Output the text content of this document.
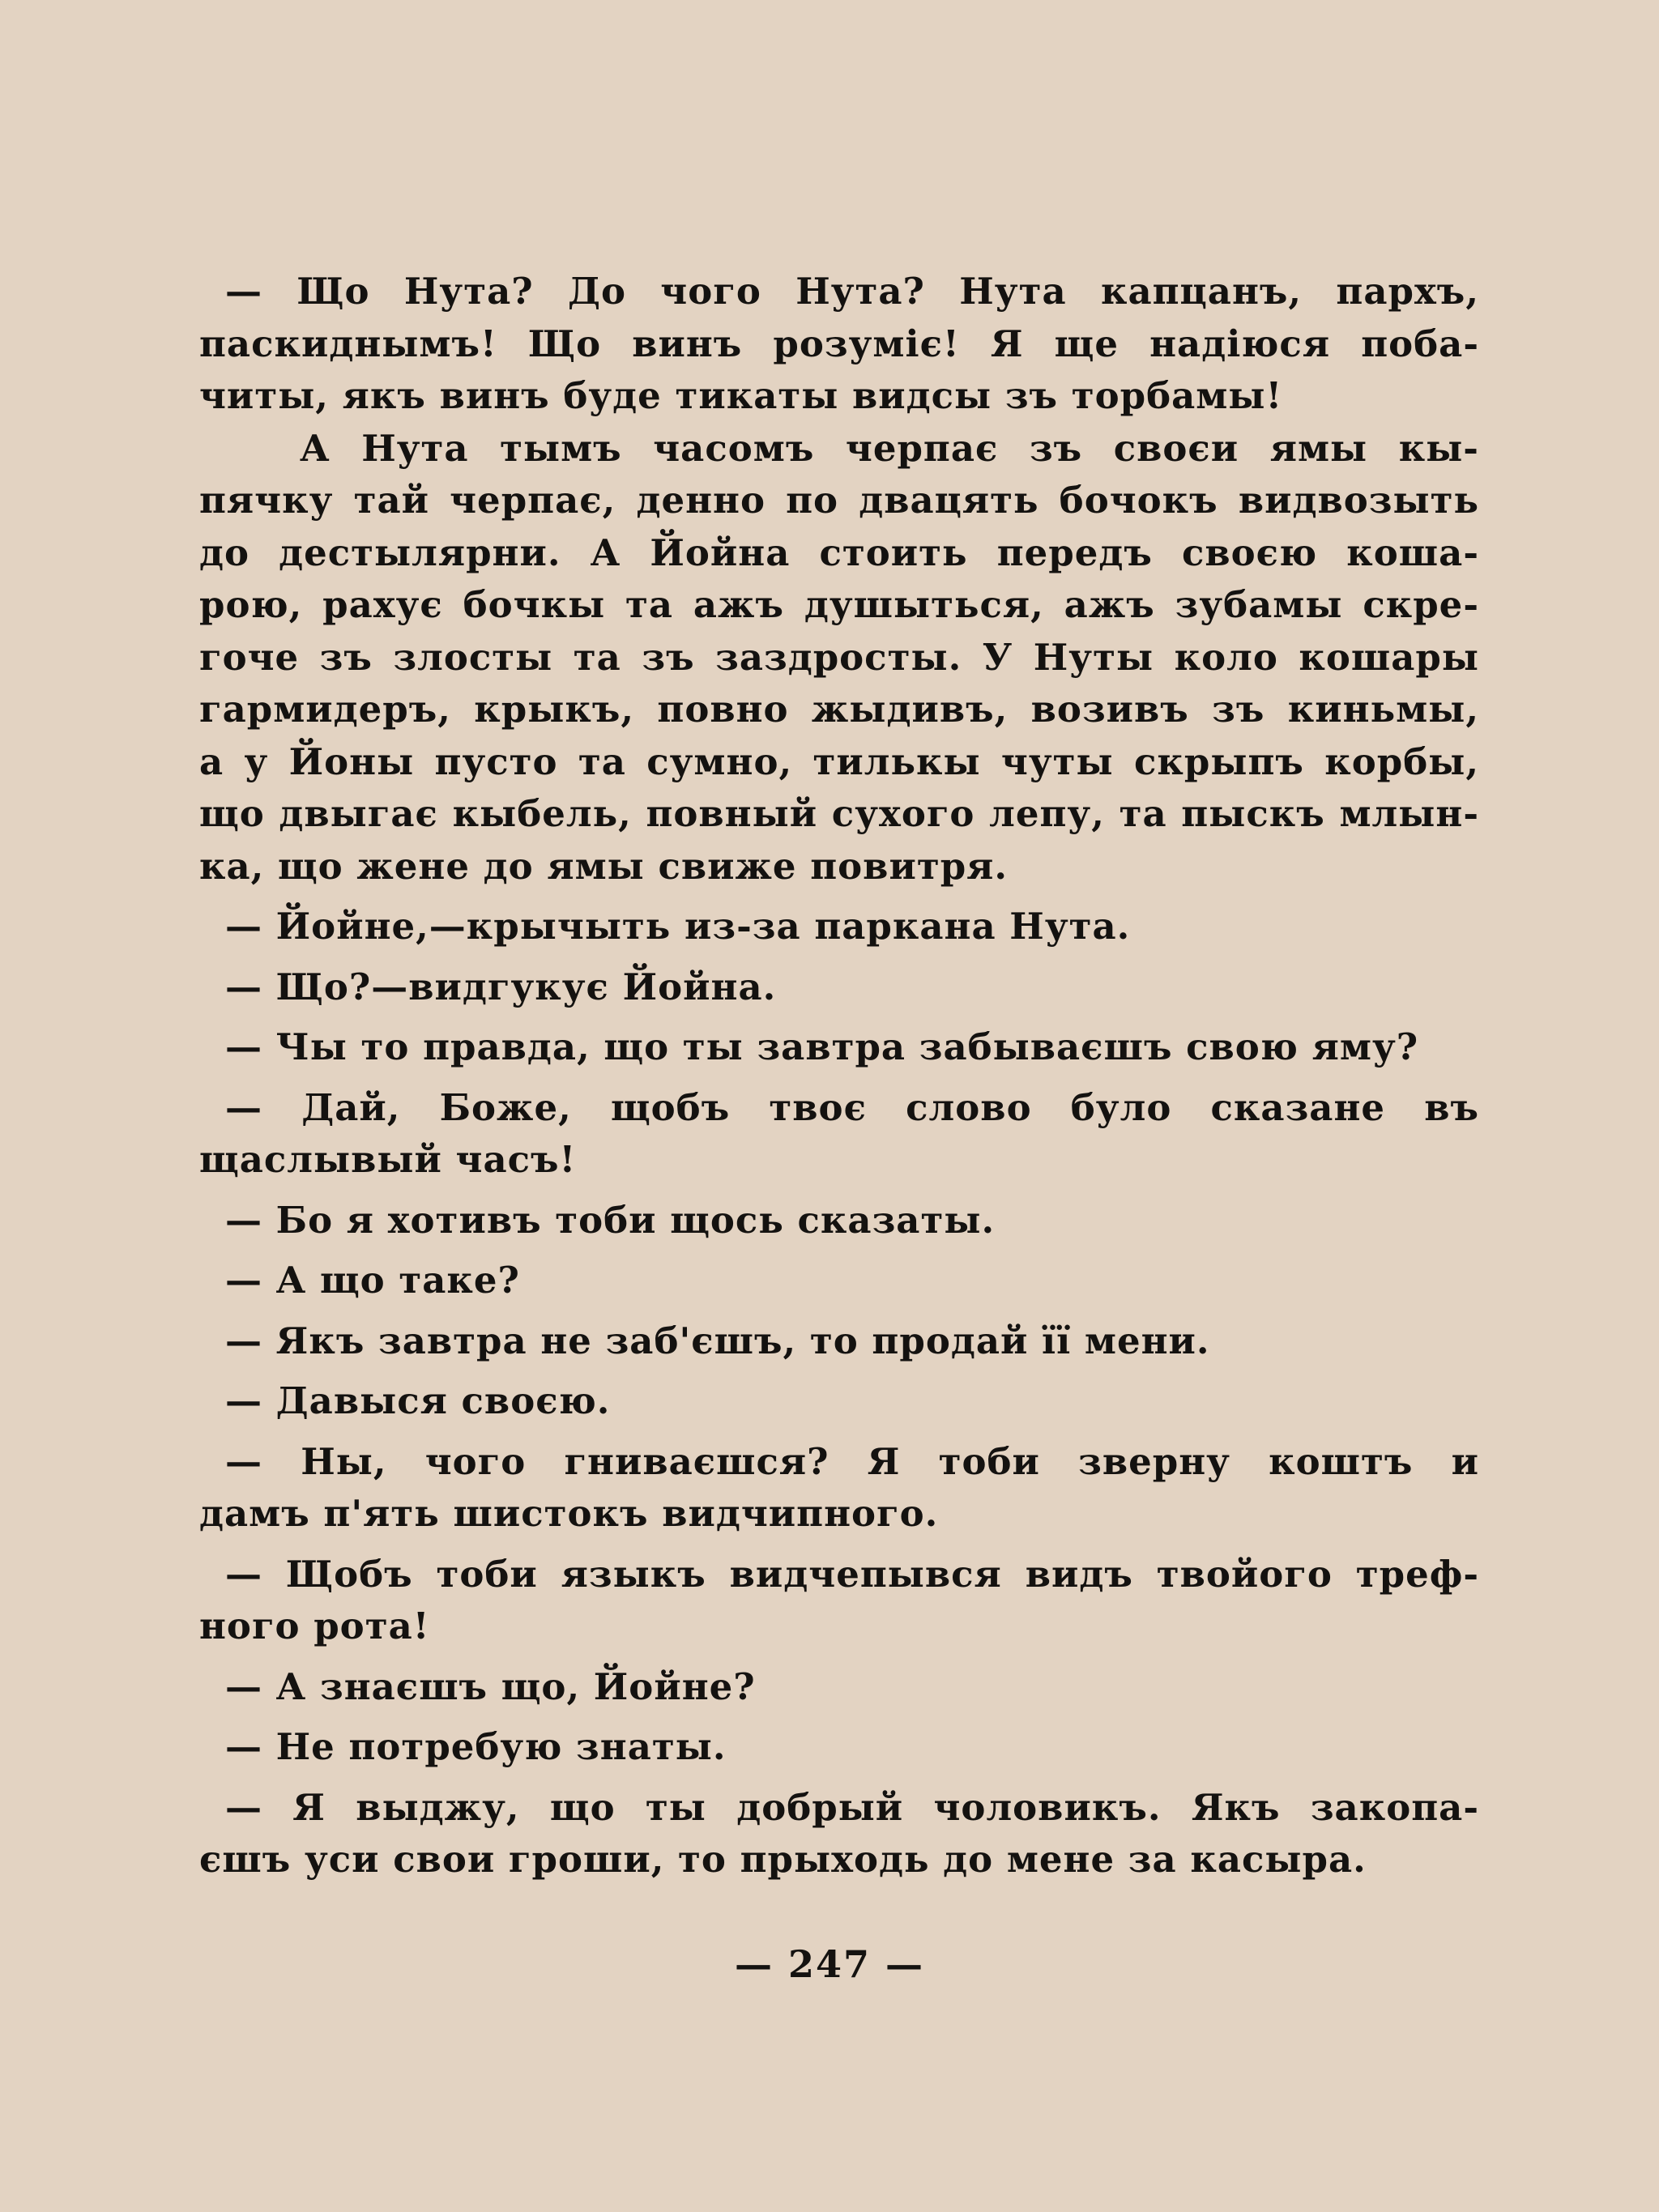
— Що Нута? До чого Нута? Нута капцанъ, пархъ,
паскиднымъ! Що винъ розуміє! Я ще надіюся поба-
читы, якъ винъ буде тикаты видсы зъ торбамы!
А Нута тымъ часомъ черпає зъ своєи ямы кы-
пячку тай черпає, денно по двацять бочокъ видвозыть
до дестылярни. А Йойна стоить передъ своєю коша-
рою, рахує бочкы та ажъ душыться, ажъ зубамы скре-
гоче зъ злосты та зъ заздросты. У Нуты коло кошары
гармидеръ, крыкъ, повно жыдивъ, возивъ зъ киньмы,
а у Йоны пусто та сумно, тилькы чуты скрыпъ корбы,
що двыгає кыбель, повный сухого лепу, та пыскъ млын-
ка, що жене до ямы свиже повитря.
— Йойне,—крычыть из-за паркана Нута.
— Що?—видгукує Йойна.
— Чы то правда, що ты завтра забываєшъ свою яму?
— Дай, Боже, щобъ твоє слово було сказане въ
щаслывый часъ!
— Бо я хотивъ тоби щось сказаты.
— А що таке?
— Якъ завтра не заб'єшъ, то продай її мени.
— Давыся своєю.
— Ны, чого гниваєшся? Я тоби зверну коштъ и
дамъ п'ять шистокъ видчипного.
— Щобъ тоби языкъ видчепывся видъ твойого треф-
ного рота!
— А знаєшъ що, Йойне?
— Не потребую знаты.
— Я выджу, що ты добрый чоловикъ. Якъ закопа-
єшъ уси свои гроши, то прыходь до мене за касыра.
— 247 —
